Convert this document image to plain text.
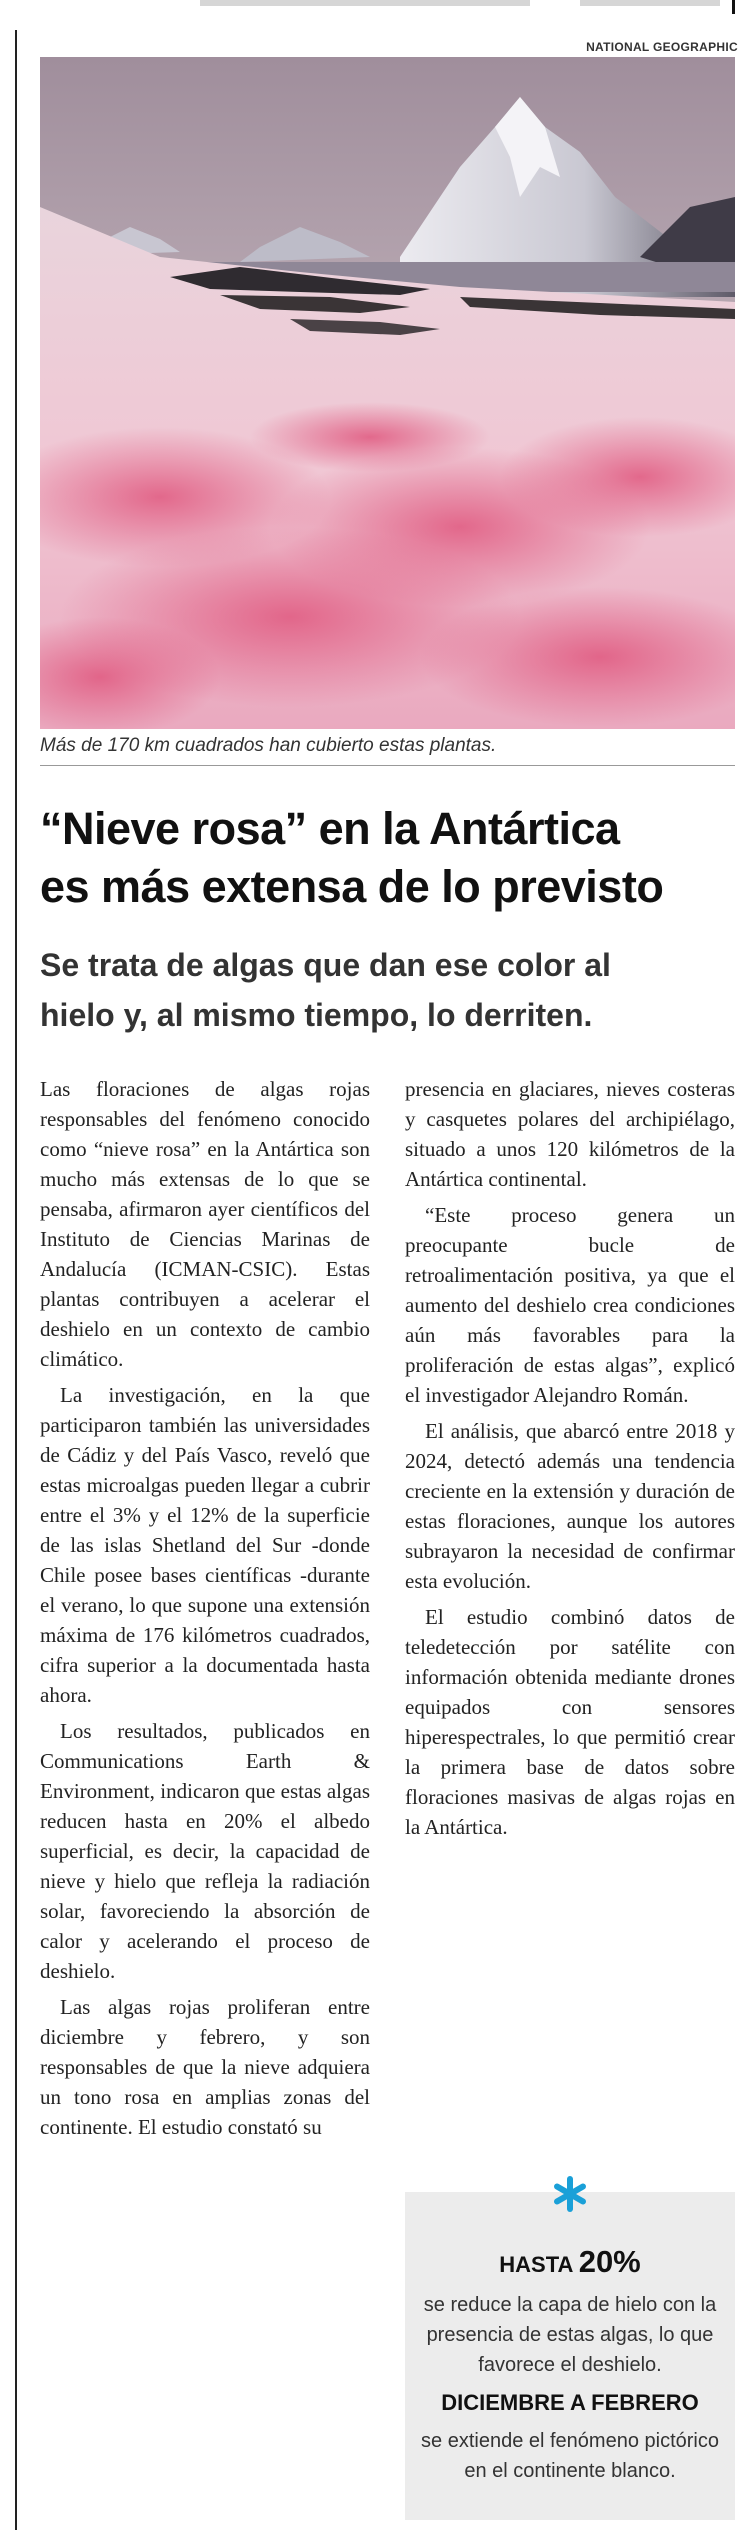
NATIONAL GEOGRAPHIC
Más de 170 km cuadrados han cubierto estas plantas.
“Nieve rosa” en la Antártica
es más extensa de lo previsto
Se trata de algas que dan ese color al
hielo y, al mismo tiempo, lo derriten.

Las floraciones de algas rojas responsables del fenómeno conocido como “nieve rosa” en la Antártica son mucho más extensas de lo que se pensaba, afirmaron ayer científicos del Instituto de Ciencias Marinas de Andalucía (ICMAN-CSIC). Estas plantas contribuyen a acelerar el deshielo en un contexto de cambio climático.

La investigación, en la que participaron también las universidades de Cádiz y del País Vasco, reveló que estas microalgas pueden llegar a cubrir entre el 3% y el 12% de la superficie de las islas Shetland del Sur -donde Chile posee bases científicas -durante el verano, lo que supone una extensión máxima de 176 kilómetros cuadrados, cifra superior a la documentada hasta ahora.

Los resultados, publicados en Communications Earth & Environment, indicaron que estas algas reducen hasta en 20% el albedo superficial, es decir, la capacidad de nieve y hielo que refleja la radiación solar, favoreciendo la absorción de calor y acelerando el proceso de deshielo.

Las algas rojas proliferan entre diciembre y febrero, y son responsables de que la nieve adquiera un tono rosa en amplias zonas del continente. El estudio constató su

presencia en glaciares, nieves costeras y casquetes polares del archipiélago, situado a unos 120 kilómetros de la Antártica continental.

“Este proceso genera un preocupante bucle de retroalimentación positiva, ya que el aumento del deshielo crea condiciones aún más favorables para la proliferación de estas algas”, explicó el investigador Alejandro Román.

El análisis, que abarcó entre 2018 y 2024, detectó además una tendencia creciente en la extensión y duración de estas floraciones, aunque los autores subrayaron la necesidad de confirmar esta evolución.

El estudio combinó datos de teledetección por satélite con información obtenida mediante drones equipados con sensores hiperespectrales, lo que permitió crear la primera base de datos sobre floraciones masivas de algas rojas en la Antártica.

HASTA 20%
se reduce la capa de hielo con la presencia de estas algas, lo que favorece el deshielo.
DICIEMBRE A FEBRERO
se extiende el fenómeno pictórico en el continente blanco.
